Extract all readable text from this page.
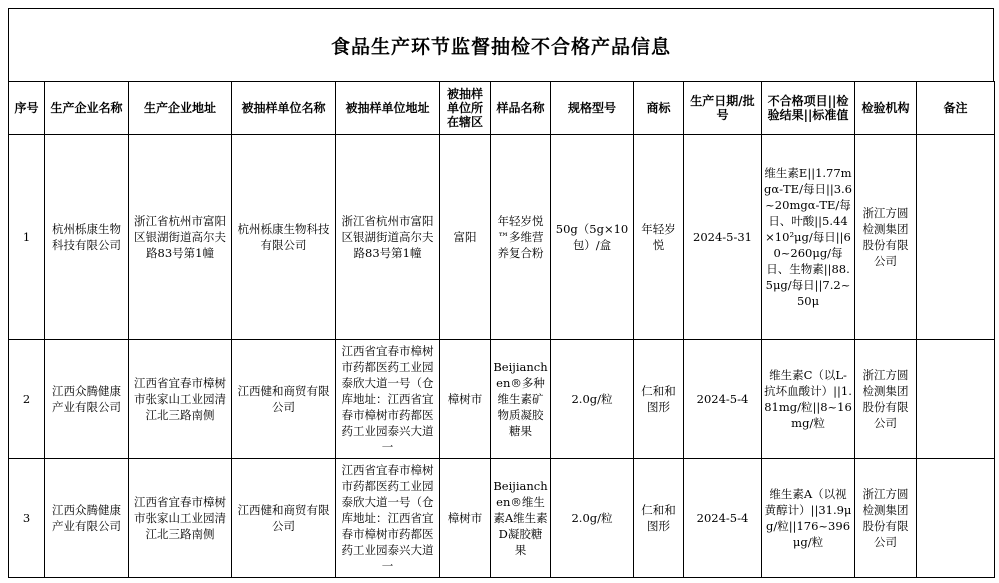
食品生产环节监督抽检不合格产品信息
序号	生产企业名称	生产企业地址	被抽样单位名称	被抽样单位地址	被抽样单位所在辖区	样品名称	规格型号	商标	生产日期/批号	不合格项目||检验结果||标准值	检验机构	备注
1	杭州栎康生物科技有限公司	浙江省杭州市富阳区银湖街道高尔夫路83号第1幢	杭州栎康生物科技有限公司	浙江省杭州市富阳区银湖街道高尔夫路83号第1幢	富阳	年轻岁悦™多维营养复合粉	50g（5g×10包）/盒	年轻岁悦	2024-5-31	维生素E||1.77mgα-TE/每日||3.6~20mgα-TE/每日、叶酸||5.44×10²μg/每日||60~260μg/每日、生物素||88.5μg/每日||7.2~50μ	浙江方圆检测集团股份有限公司	
2	江西众腾健康产业有限公司	江西省宜春市樟树市张家山工业园清江北三路南侧	江西健和商贸有限公司	江西省宜春市樟树市药都医药工业园泰欣大道一号（仓库地址：江西省宜春市樟树市药都医药工业园泰兴大道一	樟树市	Beijianchen®多种维生素矿物质凝胶糖果	2.0g/粒	仁和和图形	2024-5-4	维生素C（以L-抗坏血酸计）||1.81mg/粒||8~16mg/粒	浙江方圆检测集团股份有限公司	
3	江西众腾健康产业有限公司	江西省宜春市樟树市张家山工业园清江北三路南侧	江西健和商贸有限公司	江西省宜春市樟树市药都医药工业园泰欣大道一号（仓库地址：江西省宜春市樟树市药都医药工业园泰兴大道一	樟树市	Beijianchen®维生素A维生素D凝胶糖果	2.0g/粒	仁和和图形	2024-5-4	维生素A（以视黄醇计）||31.9μg/粒||176~396μg/粒	浙江方圆检测集团股份有限公司	
